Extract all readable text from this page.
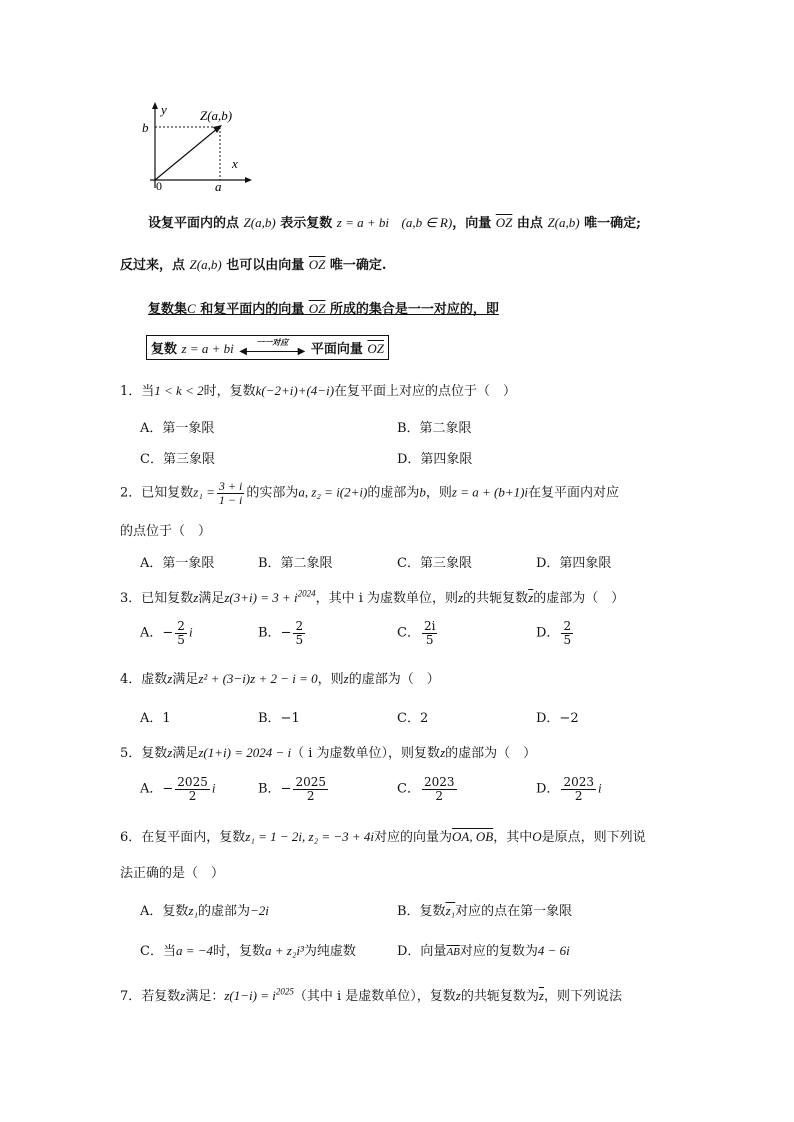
y
b
Z(a,b)
x
0	a
设复平面内的点 Z(a,b) 表示复数 z = a + bi (a,b ∈ R)，向量 $\overline{OZ}$ 由点 Z(a,b) 唯一确定;
反过来，点 Z(a,b) 也可以由向量 $\overline{OZ}$ 唯一确定.
复数集C 和复平面内的向量 OZ 所成的集合是一一对应的，即
复数 z = a + bi	一一对应
◀	▶ 平面向量 $\overline{OZ}$
1．当1 < k < 2时，复数k(−2+i)+(4−i)在复平面上对应的点位于（　）
A．第一象限	B．第二象限
C．第三象限	D．第四象限
2．已知复数$z_1 = \frac{3 + i}{1 - i}$ 的实部为a, z₂ = i(2+i)的虚部为b，则z = a + (b+1)i在复平面内对应
的点位于（　）
A．第一象限	B．第二象限	C．第三象限	D．第四象限
3．已知复数z满足$z(3+i) = 3 + i^{2024}$，其中 i 为虚数单位，则z的共轭复数$\overline{z}$的虚部为（　）
A．− $\frac{2}{5}$ i	B．− $\frac{2}{5}$	C． $\frac{2i}{5}$	D． $\frac{2}{5}$
4．虚数z满足z² + (3−i)z + 2 − i = 0，则z的虚部为（　）
A．1	B．−1	C．2	D．−2
5．复数z满足z(1+i) = 2024 − i（ i 为虚数单位），则复数z的虚部为（　）
A．− $\frac{2025}{2}$ i	B．− $\frac{2025}{2}$	C． $\frac{2023}{2}$	D． $\frac{2023}{2}$ i
6．在复平面内，复数z₁ = 1 − 2i, z₂ = −3 + 4i对应的向量为OA, OB，其中O是原点，则下列说
法正确的是（　）
A．复数z₁的虚部为−2i	B．复数z₁对应的点在第一象限
C．当a = −4时，复数a + z₂i³为纯虚数	D．向量$\overline{AB}$对应的复数为4 − 6i
7．若复数z满足：$z(1-i) = i^{2025}$（其中 i 是虚数单位），复数z的共轭复数为$\overline{z}$，则下列说法
